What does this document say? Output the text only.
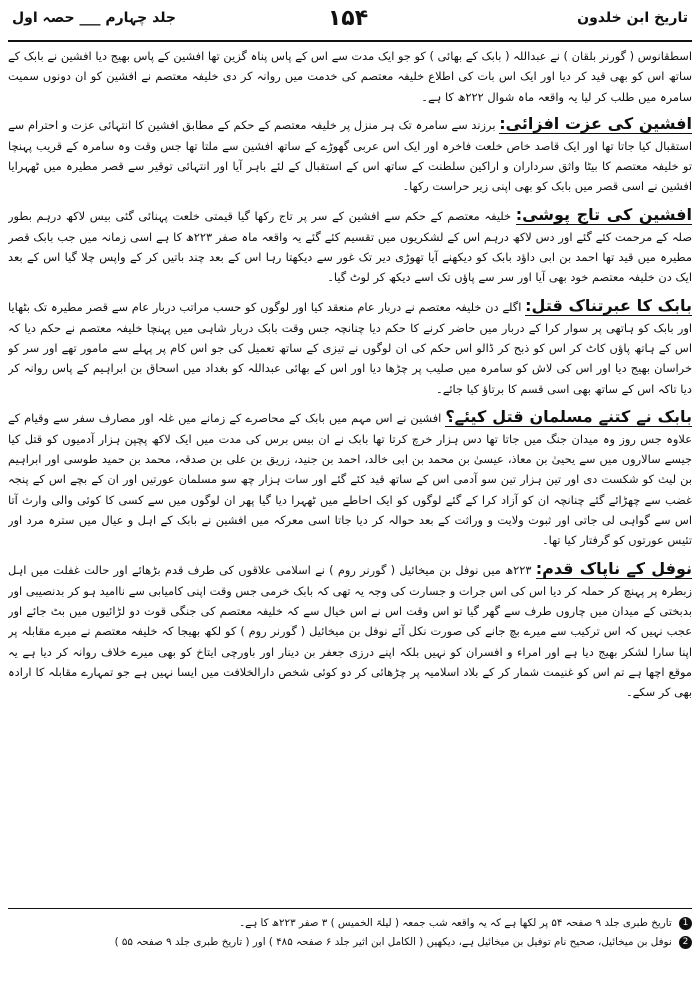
جلد چہارم ___ حصہ اول	۱۵۴	تاریخ ابن خلدون

اسطقانوس ( گورنر بلقان ) نے عبداللہ ( بابک کے بھائی ) کو جو ایک مدت سے اس کے پاس پناہ گزین تھا افشین کے پاس بھیج دیا افشین نے بابک کے ساتھ اس کو بھی قید کر دیا اور ایک اس بات کی اطلاع خلیفہ معتصم کی خدمت میں روانہ کر دی خلیفہ معتصم نے افشین کو ان دونوں سمیت سامرہ میں طلب کر لیا یہ واقعہ ماہ شوال ۲۲۲ھ کا ہے۔

افشین کی عزت افزائی: برزند سے سامرہ تک ہر منزل پر خلیفہ معتصم کے حکم کے مطابق افشین کا انتہائی عزت و احترام سے استقبال کیا جاتا تھا اور ایک قاصد خاص خلعت فاخرہ اور ایک اس عربی گھوڑے کے ساتھ افشین سے ملتا تھا جس وقت وہ سامرہ کے قریب پہنچا تو خلیفہ معتصم کا بیٹا واثق سرداران و اراکین سلطنت کے ساتھ اس کے استقبال کے لئے باہر آیا اور انتہائی توقیر سے قصر مطیرہ میں ٹھہرایا افشین نے اسی قصر میں بابک کو بھی اپنی زیر حراست رکھا۔

افشین کی تاج پوشی: خلیفہ معتصم کے حکم سے افشین کے سر پر تاج رکھا گیا قیمتی خلعت پہنائی گئی بیس لاکھ درہم بطور صلہ کے مرحمت کئے گئے اور دس لاکھ درہم اس کے لشکریوں میں تقسیم کئے گئے یہ واقعہ ماہ صفر ۲۲۳ھ کا ہے اسی زمانہ میں جب بابک قصر مطیرہ میں قید تھا احمد بن ابی داؤد بابک کو دیکھنے آیا تھوڑی دیر تک غور سے دیکھتا رہا اس کے بعد چند باتیں کر کے واپس چلا گیا اس کے بعد ایک دن خلیفہ معتصم خود بھی آیا اور سر سے پاؤں تک اسے دیکھ کر لوٹ گیا۔

بابک کا عبرتناک قتل: اگلے دن خلیفہ معتصم نے دربار عام منعقد کیا اور لوگوں کو حسب مراتب دربار عام سے قصر مطیرہ تک بٹھایا اور بابک کو ہاتھی پر سوار کرا کے دربار میں حاضر کرنے کا حکم دیا چنانچہ جس وقت بابک دربار شاہی میں پہنچا خلیفہ معتصم نے حکم دیا کہ اس کے ہاتھ پاؤں کاٹ کر اس کو ذبح کر ڈالو اس حکم کی ان لوگوں نے تیزی کے ساتھ تعمیل کی جو اس کام پر پہلے سے مامور تھے اور سر کو خراسان بھیج دیا اور اس کی لاش کو سامرہ میں صلیب پر چڑھا دیا اور اس کے بھائی عبداللہ کو بغداد میں اسحاق بن ابراہیم کے پاس روانہ کر دیا تاکہ اس کے ساتھ بھی اسی قسم کا برتاؤ کیا جائے۔

بابک نے کتنے مسلمان قتل کیئے؟ افشین نے اس مہم میں بابک کے محاصرے کے زمانے میں غلہ اور مصارف سفر سے وقیام کے علاوہ جس روز وہ میدان جنگ میں جاتا تھا دس ہزار خرچ کرتا تھا بابک نے ان بیس برس کی مدت میں ایک لاکھ پچپن ہزار آدمیوں کو قتل کیا جیسے سالاروں میں سے یحییٰ بن معاذ، عیسیٰ بن محمد بن ابی خالد، احمد بن جنید، زریق بن علی بن صدقہ، محمد بن حمید طوسی اور ابراہیم بن لیث کو شکست دی اور تین ہزار تین سو آدمی اس کے ساتھ قید کئے گئے اور سات ہزار چھ سو مسلمان عورتیں اور ان کے بچے اس کے پنجہ غضب سے چھڑائے گئے چنانچہ ان کو آزاد کرا کے گئے لوگوں کو ایک احاطے میں ٹھہرا دیا گیا پھر ان لوگوں میں سے کسی کا کوئی والی وارث آتا اس سے گواہی لی جاتی اور ثبوت ولایت و وراثت کے بعد حوالہ کر دیا جاتا اسی معرکہ میں افشین نے بابک کے اہل و عیال میں سترہ مرد اور تئیس عورتوں کو گرفتار کیا تھا۔

نوفل کے ناپاک قدم: ۲۲۳ھ میں نوفل بن میخائیل ( گورنر روم ) نے اسلامی علاقوں کی طرف قدم بڑھائے اور حالت غفلت میں اہل زبطرہ پر پہنچ کر حملہ کر دیا اس کی اس جرات و جسارت کی وجہ یہ تھی کہ بابک خرمی جس وقت اپنی کامیابی سے ناامید ہو کر بدنصیبی اور بدبختی کے میدان میں چاروں طرف سے گھر گیا تو اس وقت اس نے اس خیال سے کہ خلیفہ معتصم کی جنگی قوت دو لڑائیوں میں بٹ جائے اور عجب نہیں کہ اس ترکیب سے میرے بچ جانے کی صورت نکل آئے نوفل بن میخائیل ( گورنر روم ) کو لکھ بھیجا کہ خلیفہ معتصم نے میرے مقابلہ پر اپنا سارا لشکر بھیج دیا ہے اور امراء و افسران کو نہیں بلکہ اپنے درزی جعفر بن دینار اور باورچی ایتاخ کو بھی میرے خلاف روانہ کر دیا ہے یہ موقع اچھا ہے تم اس کو غنیمت شمار کر کے بلاد اسلامیہ پر چڑھائی کر دو کوئی شخص دارالخلافت میں ایسا نہیں ہے جو تمہارے مقابلہ کا ارادہ بھی کر سکے۔

1 تاریخ طبری جلد ۹ صفحہ ۵۴ پر لکھا ہے کہ یہ واقعہ شب جمعہ ( لیلۃ الخمیس ) ۳ صفر ۲۲۳ھ کا ہے۔
2 نوفل بن میخائیل، صحیح نام توفیل بن میخائیل ہے، دیکھیں ( الکامل ابن اثیر جلد ۶ صفحہ ۴۸۵ ) اور ( تاریخ طبری جلد ۹ صفحہ ۵۵ )
